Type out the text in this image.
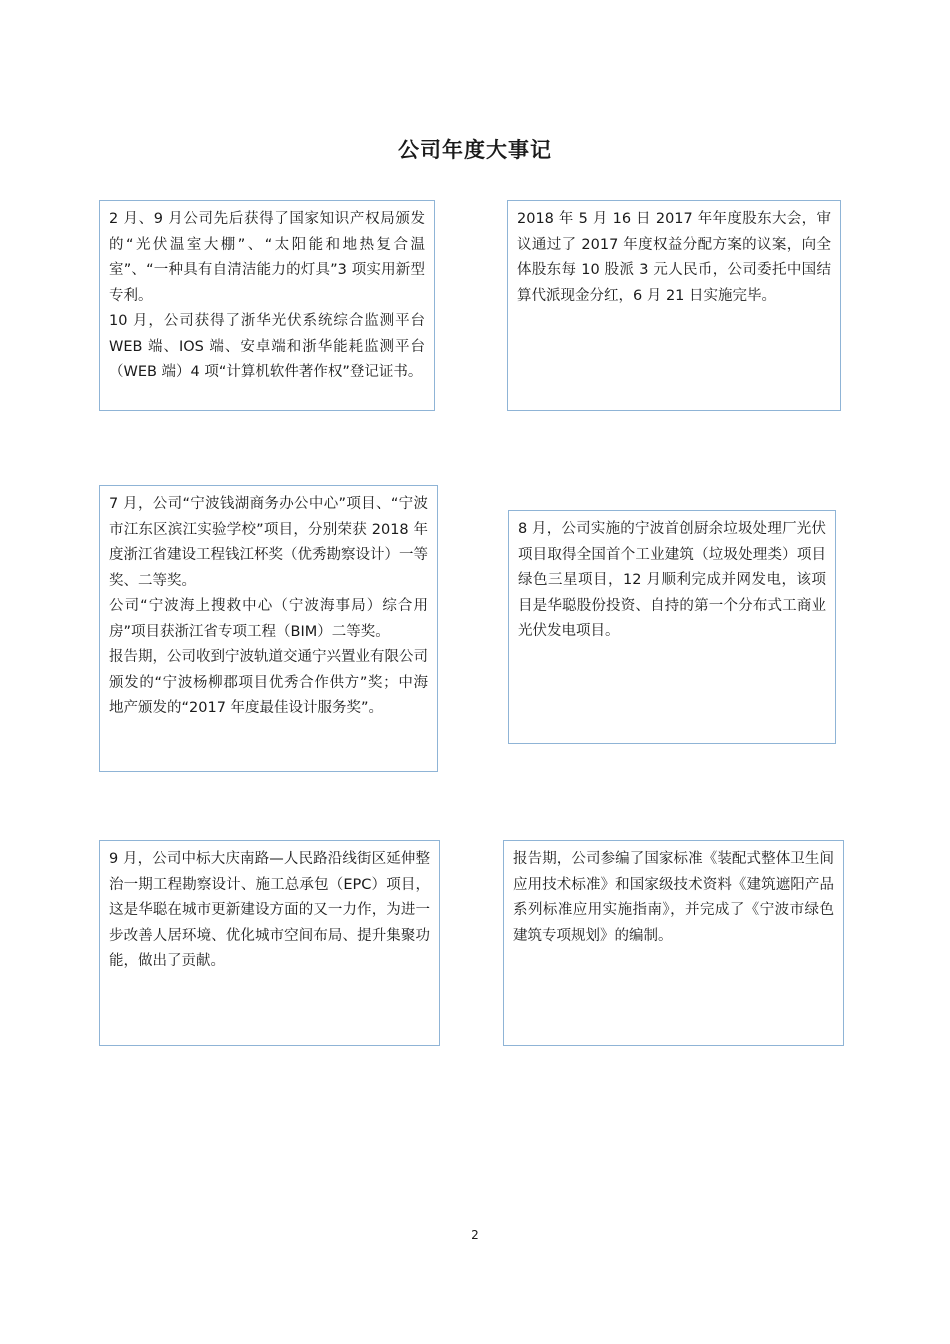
公司年度大事记

2 月、9 月公司先后获得了国家知识产权局颁发的“光伏温室大棚”、“太阳能和地热复合温室”、“一种具有自清洁能力的灯具”3 项实用新型专利。

10 月，公司获得了浙华光伏系统综合监测平台 WEB 端、IOS 端、安卓端和浙华能耗监测平台（WEB 端）4 项“计算机软件著作权”登记证书。

2018 年 5 月 16 日 2017 年年度股东大会，审议通过了 2017 年度权益分配方案的议案，向全体股东每 10 股派 3 元人民币，公司委托中国结算代派现金分红，6 月 21 日实施完毕。

7 月，公司“宁波钱湖商务办公中心”项目、“宁波市江东区滨江实验学校”项目，分别荣获 2018 年度浙江省建设工程钱江杯奖（优秀勘察设计）一等奖、二等奖。

公司“宁波海上搜救中心（宁波海事局）综合用房”项目获浙江省专项工程（BIM）二等奖。

报告期，公司收到宁波轨道交通宁兴置业有限公司颁发的“宁波杨柳郡项目优秀合作供方”奖；中海地产颁发的“2017 年度最佳设计服务奖”。

8 月，公司实施的宁波首创厨余垃圾处理厂光伏项目取得全国首个工业建筑（垃圾处理类）项目绿色三星项目，12 月顺利完成并网发电，该项目是华聪股份投资、自持的第一个分布式工商业光伏发电项目。

9 月，公司中标大庆南路—人民路沿线街区延伸整治一期工程勘察设计、施工总承包（EPC）项目，这是华聪在城市更新建设方面的又一力作，为进一步改善人居环境、优化城市空间布局、提升集聚功能，做出了贡献。

报告期，公司参编了国家标准《装配式整体卫生间应用技术标准》和国家级技术资料《建筑遮阳产品系列标准应用实施指南》，并完成了《宁波市绿色建筑专项规划》的编制。

2
